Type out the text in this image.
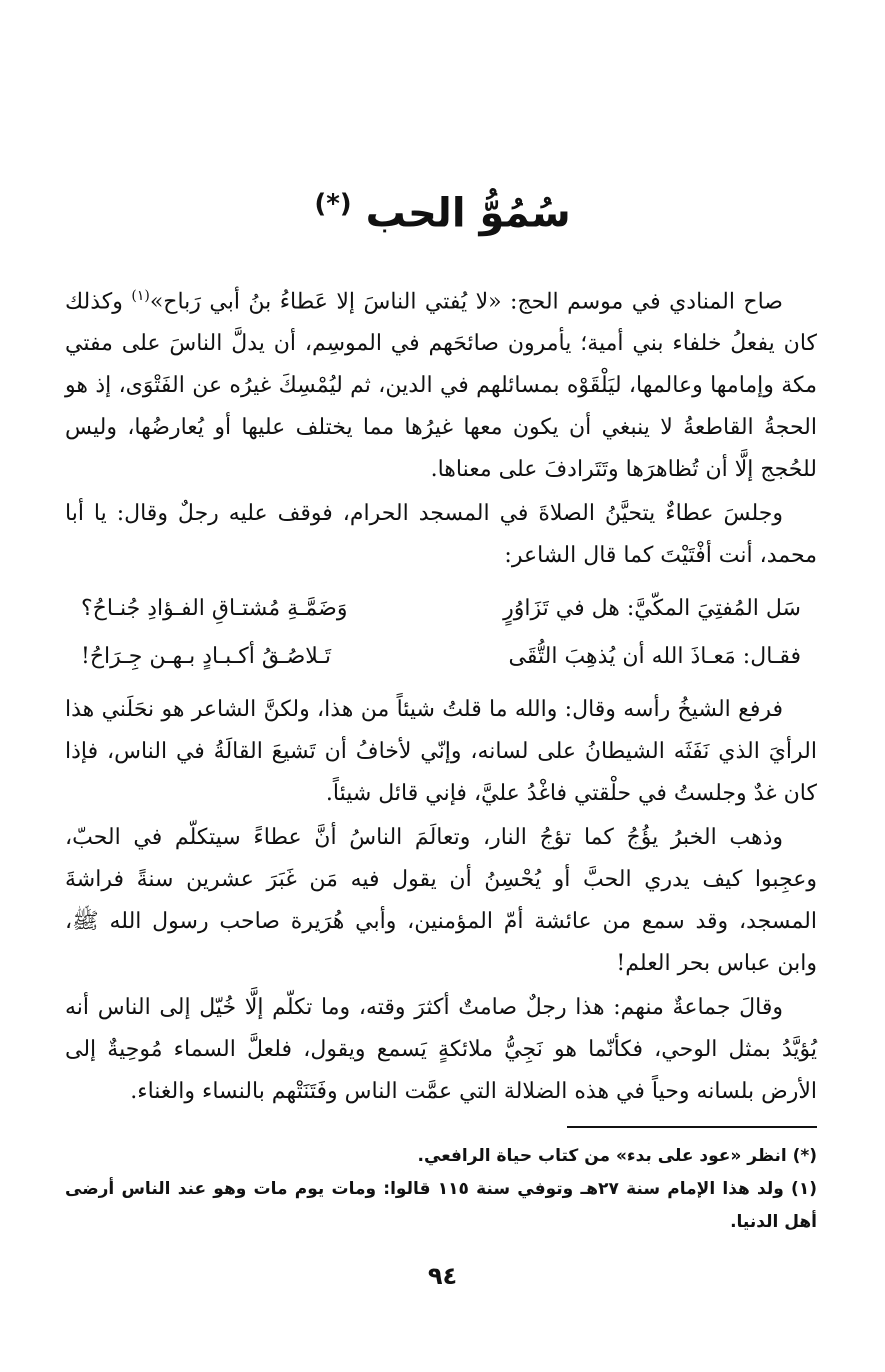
سُمُوُّ الحب (*)

صاح المنادي في موسم الحج: «لا يُفتي الناسَ إلا عَطاءُ بنُ أبي رَباح»$^{(١)}$ وكذلك كان يفعلُ خلفاء بني أمية؛ يأمرون صائحَهم في الموسِم، أن يدلَّ الناسَ على مفتي مكة وإمامها وعالمها، ليَلْقَوْه بمسائلهم في الدين، ثم ليُمْسِكَ غيرُه عن الفَتْوَى، إذ هو الحجةُ القاطعةُ لا ينبغي أن يكون معها غيرُها مما يختلف عليها أو يُعارضُها، وليس للحُجج إلَّا أن تُظاهرَها وتَتَرادفَ على معناها.

وجلسَ عطاءٌ يتحيَّنُ الصلاةَ في المسجد الحرام، فوقف عليه رجلٌ وقال: يا أبا محمد، أنت أفْتَيْتَ كما قال الشاعر:

سَل المُفتِيَ المكّيَّ: هل في تَزَاوُرٍ
وَضَمَّـةِ مُشتـاقِ الفـؤادِ جُنـاحُ؟
فقـال: مَعـاذَ الله أن يُذهِبَ التُّقَى
تَـلاصُـقُ أكـبـادٍ بـهـن جِـرَاحُ!

فرفع الشيخُ رأسه وقال: والله ما قلتُ شيئاً من هذا، ولكنَّ الشاعر هو نحَلَني هذا الرأيَ الذي نَفَثَه الشيطانُ على لسانه، وإنّي لأخافُ أن تَشيعَ القالَةُ في الناس، فإذا كان غدٌ وجلستُ في حلْقتي فاغْدُ عليَّ، فإني قائل شيئاً.

وذهب الخبرُ يؤُجُ كما تؤجُ النار، وتعالَمَ الناسُ أنَّ عطاءً سيتكلّم في الحبّ، وعجِبوا كيف يدري الحبَّ أو يُحْسِنُ أن يقول فيه مَن غَبَرَ عشرين سنةً فراشةَ المسجد، وقد سمع من عائشة أمّ المؤمنين، وأبي هُرَيرة صاحب رسول الله ﷺ، وابن عباس بحر العلم!

وقالَ جماعةٌ منهم: هذا رجلٌ صامتٌ أكثرَ وقته، وما تكلّم إلَّا خُيّل إلى الناس أنه يُؤيَّدُ بمثل الوحي، فكأنّما هو نَجِيُّ ملائكةٍ يَسمع ويقول، فلعلَّ السماء مُوحِيةٌ إلى الأرض بلسانه وحياً في هذه الضلالة التي عمَّت الناس وفَتَنَتْهم بالنساء والغناء.

(*) انظر «عود على بدء» من كتاب حياة الرافعي.

(١) ولد هذا الإمام سنة ٢٧هـ وتوفي سنة ١١٥ قالوا: ومات يوم مات وهو عند الناس أرضى أهل الدنيا.

٩٤
